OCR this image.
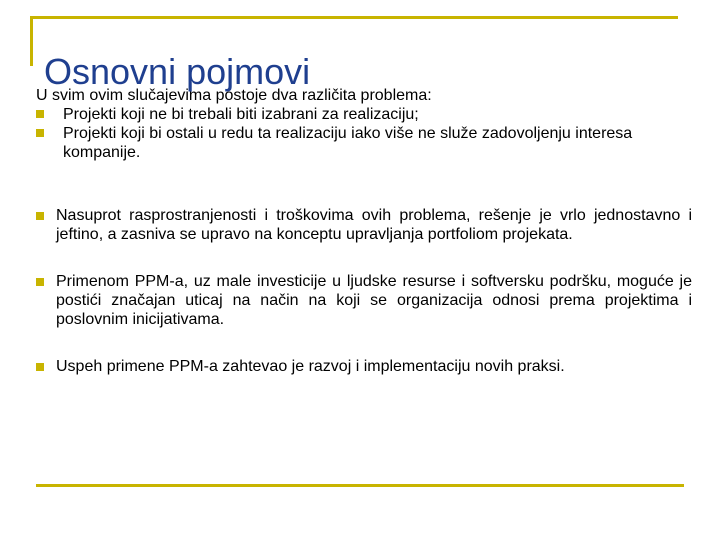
Osnovni pojmovi

U svim ovim slučajevima postoje dva različita problema:

Projekti koji ne bi trebali biti izabrani za realizaciju;
Projekti koji bi ostali u redu ta realizaciju iako više ne služe zadovoljenju interesa kompanije.
Nasuprot rasprostranjenosti i troškovima ovih problema, rešenje je vrlo jednostavno i jeftino, a zasniva se upravo na konceptu upravljanja portfoliom projekata.
Primenom PPM-a, uz male investicije u ljudske resurse i softversku podršku, moguće je postići značajan uticaj na način na koji se organizacija odnosi prema projektima i poslovnim inicijativama.
Uspeh primene PPM-a zahtevao je razvoj i implementaciju novih praksi.
